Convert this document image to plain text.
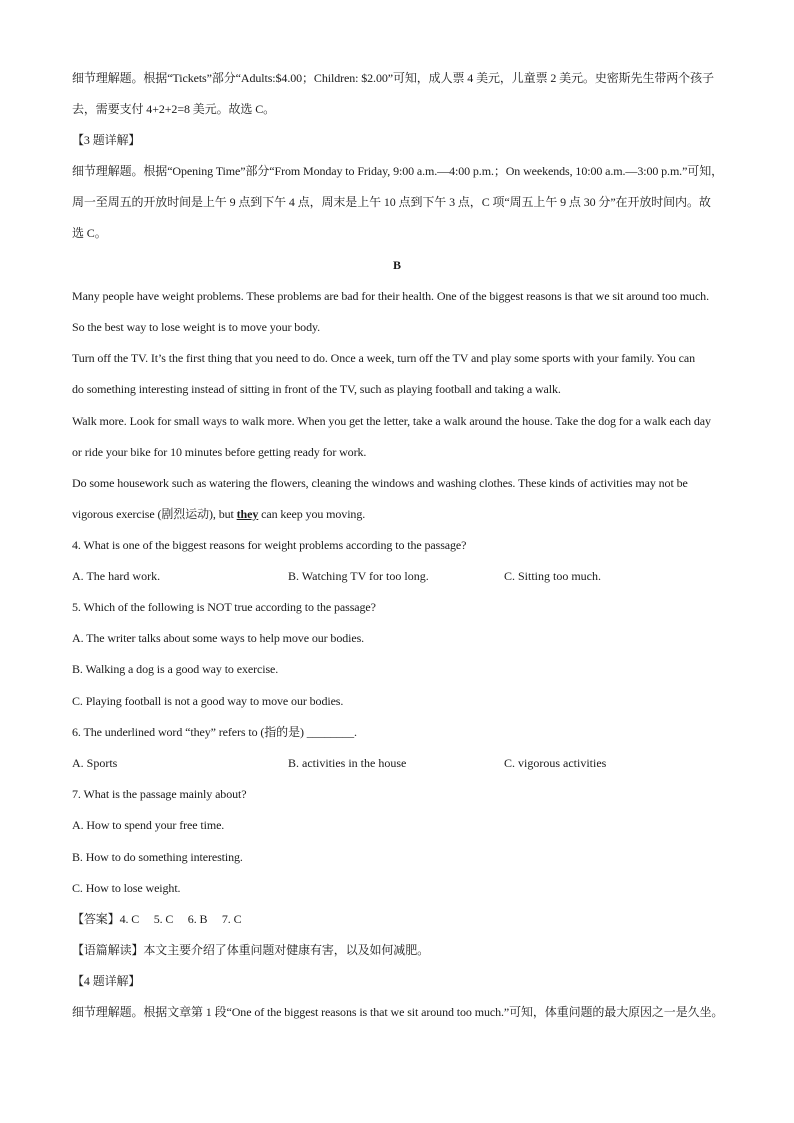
细节理解题。根据“Tickets”部分“Adults:$4.00；Children: $2.00”可知，成人票 4 美元，儿童票 2 美元。史密斯先生带两个孩子
去，需要支付 4+2+2=8 美元。故选 C。
【3 题详解】
细节理解题。根据“Opening Time”部分“From Monday to Friday, 9:00 a.m.—4:00 p.m.；On weekends, 10:00 a.m.—3:00 p.m.”可知，
周一至周五的开放时间是上午 9 点到下午 4 点，周末是上午 10 点到下午 3 点，C 项“周五上午 9 点 30 分”在开放时间内。故
选 C。
B
Many people have weight problems. These problems are bad for their health. One of the biggest reasons is that we sit around too much.
So the best way to lose weight is to move your body.
Turn off the TV. It’s the first thing that you need to do. Once a week, turn off the TV and play some sports with your family. You can
do something interesting instead of sitting in front of the TV, such as playing football and taking a walk.
Walk more. Look for small ways to walk more. When you get the letter, take a walk around the house. Take the dog for a walk each day
or ride your bike for 10 minutes before getting ready for work.
Do some housework such as watering the flowers, cleaning the windows and washing clothes. These kinds of activities may not be
vigorous exercise (剧烈运动), but they can keep you moving.
4. What is one of the biggest reasons for weight problems according to the passage?
A. The hard work.	B. Watching TV for too long.	C. Sitting too much.
5. Which of the following is NOT true according to the passage?
A. The writer talks about some ways to help move our bodies.
B. Walking a dog is a good way to exercise.
C. Playing football is not a good way to move our bodies.
6. The underlined word “they” refers to (指的是) ________.
A. Sports	B. activities in the house	C. vigorous activities
7. What is the passage mainly about?
A. How to spend your free time.
B. How to do something interesting.
C. How to lose weight.
【答案】4. C     5. C     6. B     7. C
【语篇解读】本文主要介绍了体重问题对健康有害，以及如何减肥。
【4 题详解】
细节理解题。根据文章第 1 段“One of the biggest reasons is that we sit around too much.”可知，体重问题的最大原因之一是久坐。
